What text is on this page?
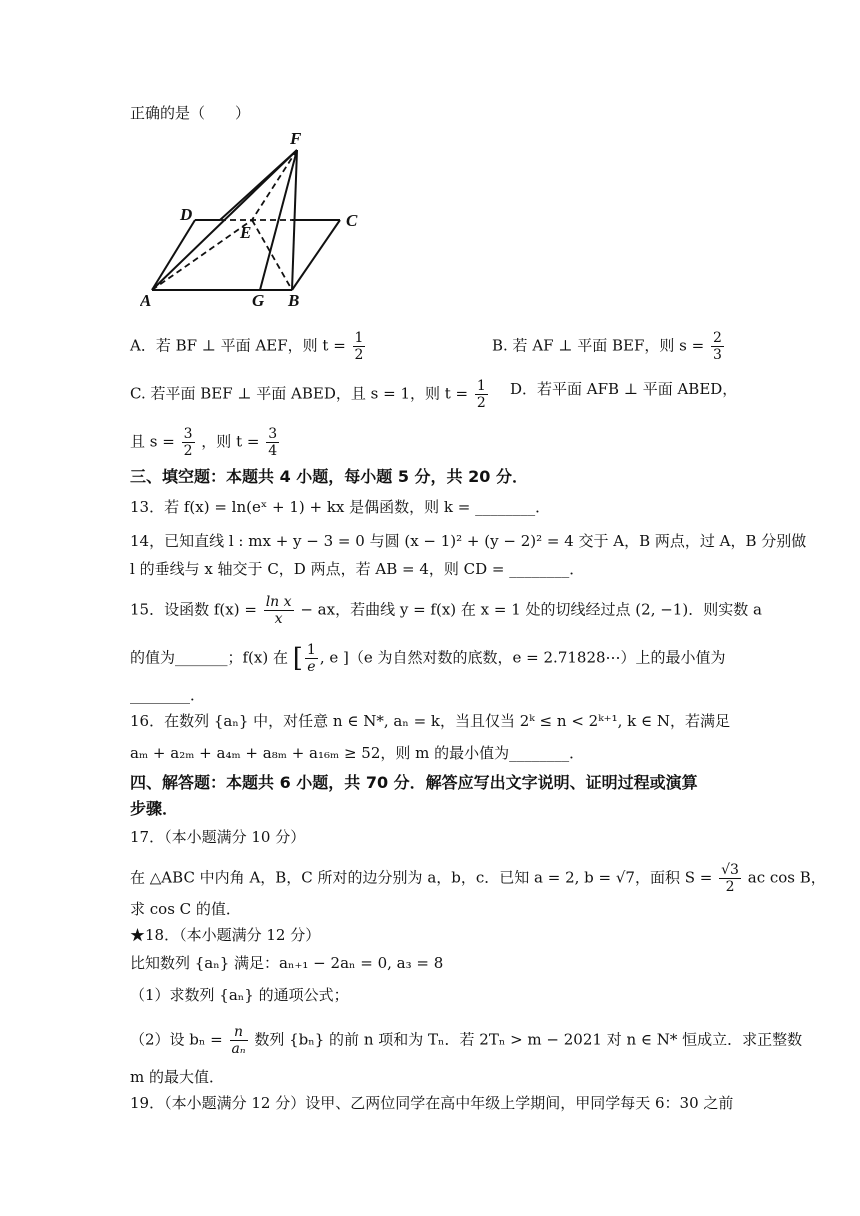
正确的是（　　）
F
D	C
E
A	G B
A．若 BF ⊥ 平面 AEF，则 $t = \frac{1}{2}$	B. 若 AF ⊥ 平面 BEF，则 $s = \frac{2}{3}$
C. 若平面 BEF ⊥ 平面 ABED，且 s = 1，则 $t = \frac{1}{2}$ D．若平面 AFB ⊥ 平面 ABED，
且 $s = \frac{3}{2}$ ，则 $t = \frac{3}{4}$
三、填空题：本题共 4 小题，每小题 5 分，共 20 分．
13．若 f(x) = ln(eˣ + 1) + kx 是偶函数，则 k = ________．
14，已知直线 l : mx + y − 3 = 0 与圆 (x − 1)² + (y − 2)² = 4 交于 A，B 两点，过 A，B 分别做
l 的垂线与 x 轴交于 C，D 两点，若 AB = 4，则 CD = ________．
15．设函数 $f(x) = \frac{\text{ln x}}{x}$ − ax，若曲线 y = f(x) 在 x = 1 处的切线经过点 (2, −1)．则实数 a
的值为_______；f(x) 在 [ $\frac{1}{e}$ , e ]（e 为自然对数的底数，e = 2.71828⋯）上的最小值为
________．
16．在数列 {aₙ} 中，对任意 n ∈ N*, aₙ = k，当且仅当 2ᵏ ≤ n < 2ᵏ⁺¹, k ∈ N，若满足
aₘ + a₂ₘ + a₄ₘ + a₈ₘ + a₁₆ₘ ≥ 52，则 m 的最小值为________．
四、解答题：本题共 6 小题，共 70 分．解答应写出文字说明、证明过程或演算
步骤．
17．（本小题满分 10 分）
在 △ABC 中内角 A，B，C 所对的边分别为 a，b，c．已知 a = 2, b = √7，面积 $S = \frac{√3}{2}$ ac cos B，
求 cos C 的值．
★18．（本小题满分 12 分）
比知数列 {aₙ} 满足：aₙ₊₁ − 2aₙ = 0, a₃ = 8
（1）求数列 {aₙ} 的通项公式；
（2）设 $b_n = \frac{n}{\text{aₙ}}$ 数列 {bₙ} 的前 n 项和为 Tₙ．若 2Tₙ > m − 2021 对 n ∈ N* 恒成立．求正整数
m 的最大值．
19．（本小题满分 12 分）设甲、乙两位同学在高中年级上学期间，甲同学每天 6：30 之前
